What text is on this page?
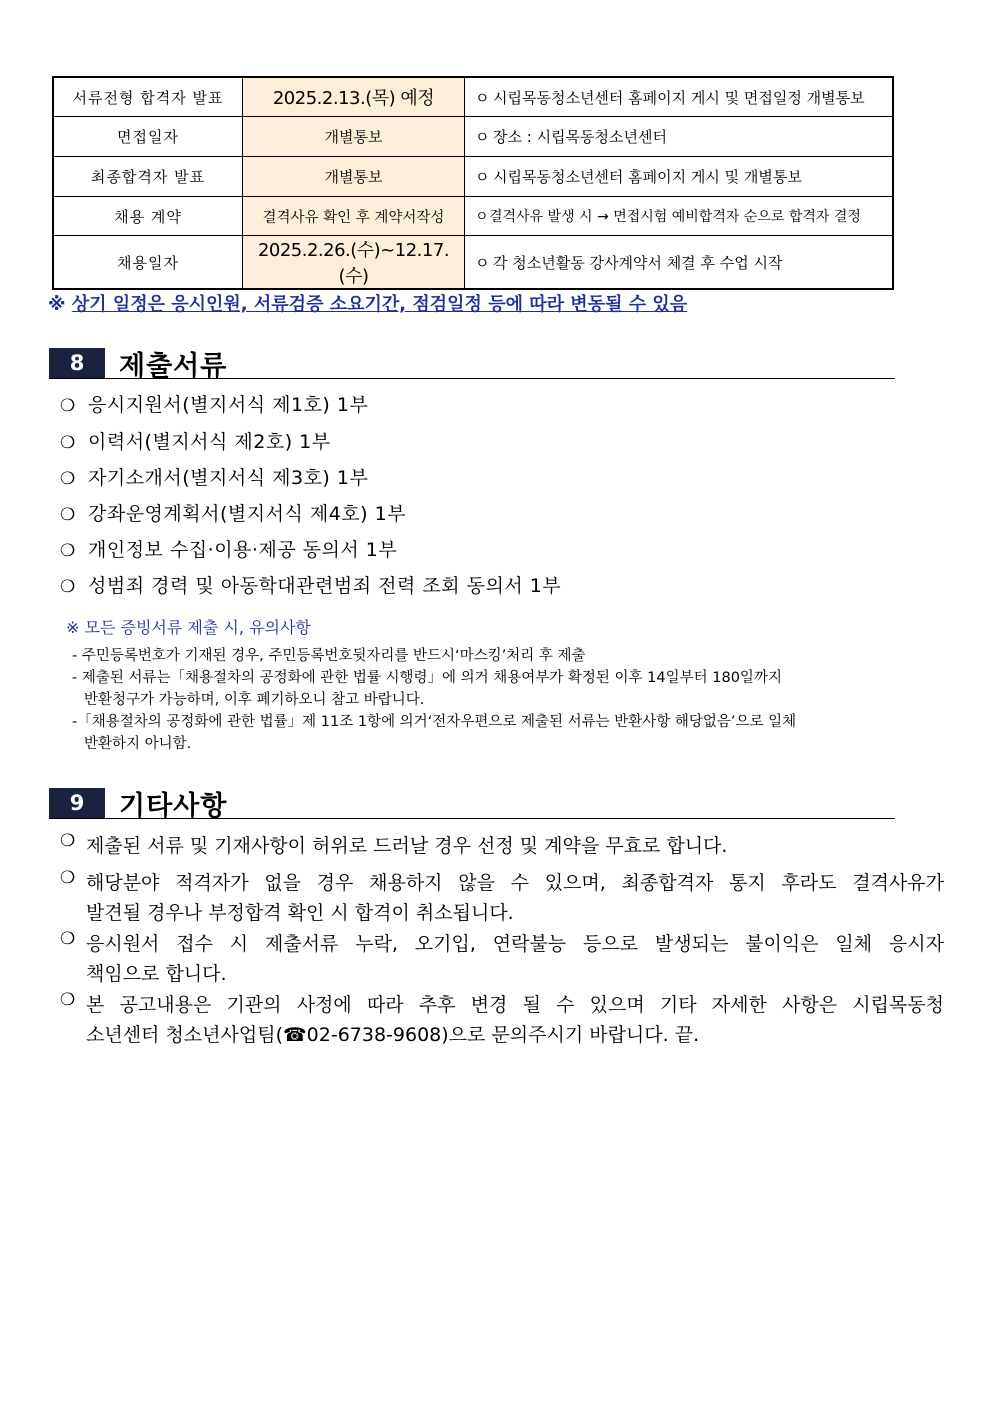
서류전형 합격자 발표	2025.2.13.(목) 예정	ㅇ 시립목동청소년센터 홈페이지 게시 및 면접일정 개별통보
면접일자	개별통보	ㅇ 장소 : 시립목동청소년센터
최종합격자 발표	개별통보	ㅇ 시립목동청소년센터 홈페이지 게시 및 개별통보
채용 계약	결격사유 확인 후 계약서작성	ㅇ결격사유 발생 시 → 면접시험 예비합격자 순으로 합격자 결정
채용일자	2025.2.26.(수)~12.17.(수)	ㅇ 각 청소년활동 강사계약서 체결 후 수업 시작
※ 상기 일정은 응시인원, 서류검증 소요기간, 점검일정 등에 따라 변동될 수 있음
8	제출서류
❍ 응시지원서(별지서식 제1호) 1부
❍ 이력서(별지서식 제2호) 1부
❍ 자기소개서(별지서식 제3호) 1부
❍ 강좌운영계획서(별지서식 제4호) 1부
❍ 개인정보 수집·이용·제공 동의서 1부
❍ 성범죄 경력 및 아동학대관련범죄 전력 조회 동의서 1부
※ 모든 증빙서류 제출 시, 유의사항
- 주민등록번호가 기재된 경우, 주민등록번호뒷자리를 반드시‘마스킹’처리 후 제출
- 제출된 서류는「채용절차의 공정화에 관한 법률 시행령」에 의거 채용여부가 확정된 이후 14일부터 180일까지
반환청구가 가능하며, 이후 폐기하오니 참고 바랍니다.
-「채용절차의 공정화에 관한 법률」제 11조 1항에 의거‘전자우편으로 제출된 서류는 반환사항 해당없음’으로 일체
반환하지 아니함.
9	기타사항
❍ 제출된 서류 및 기재사항이 허위로 드러날 경우 선정 및 계약을 무효로 합니다.
❍ 해당분야 적격자가 없을 경우 채용하지 않을 수 있으며, 최종합격자 통지 후라도 결격사유가
발견될 경우나 부정합격 확인 시 합격이 취소됩니다.
❍ 응시원서 접수 시 제출서류 누락, 오기입, 연락불능 등으로 발생되는 불이익은 일체 응시자
책임으로 합니다.
❍ 본 공고내용은 기관의 사정에 따라 추후 변경 될 수 있으며 기타 자세한 사항은 시립목동청
소년센터 청소년사업팀(☎02-6738-9608)으로 문의주시기 바랍니다. 끝.
